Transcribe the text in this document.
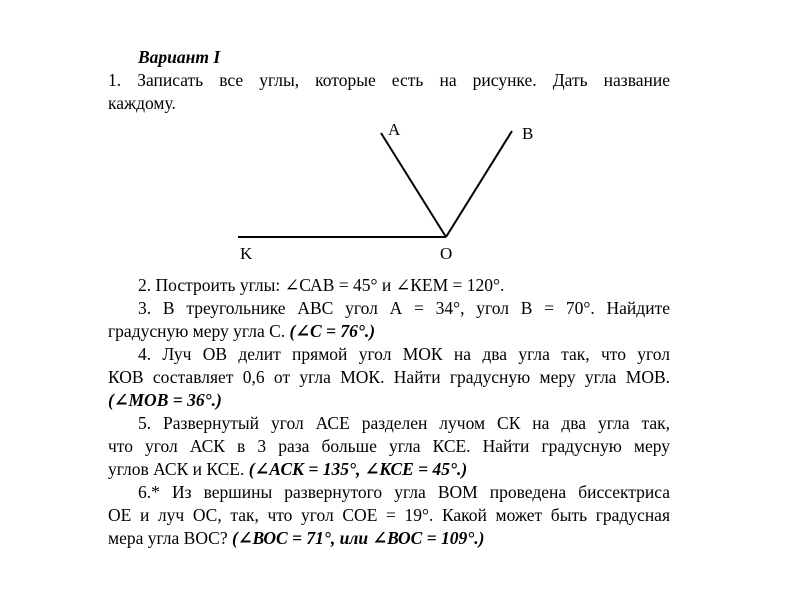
Вариант I
1. Записать все углы, которые есть на рисунке. Дать название
каждому.
A	B
K	O
2. Построить углы: ∠САВ = 45° и ∠КЕМ = 120°.
3. В треугольнике ABC угол А = 34°, угол В = 70°. Найдите
градусную меру угла С. (∠С = 76°.)
4. Луч ОВ делит прямой угол МОК на два угла так, что угол
КОВ составляет 0,6 от угла МОК. Найти градусную меру угла МОВ.
(∠МОВ = 36°.)
5. Развернутый угол АСЕ разделен лучом СК на два угла так,
что угол АСК в 3 раза больше угла КСЕ. Найти градусную меру
углов АСК и КСЕ. (∠АСК = 135°, ∠КСЕ = 45°.)
6.* Из вершины развернутого угла ВОМ проведена биссектриса
ОЕ и луч ОС, так, что угол СОЕ = 19°. Какой может быть градусная
мера угла ВОС? (∠ВОС = 71°, или ∠ВОС = 109°.)
